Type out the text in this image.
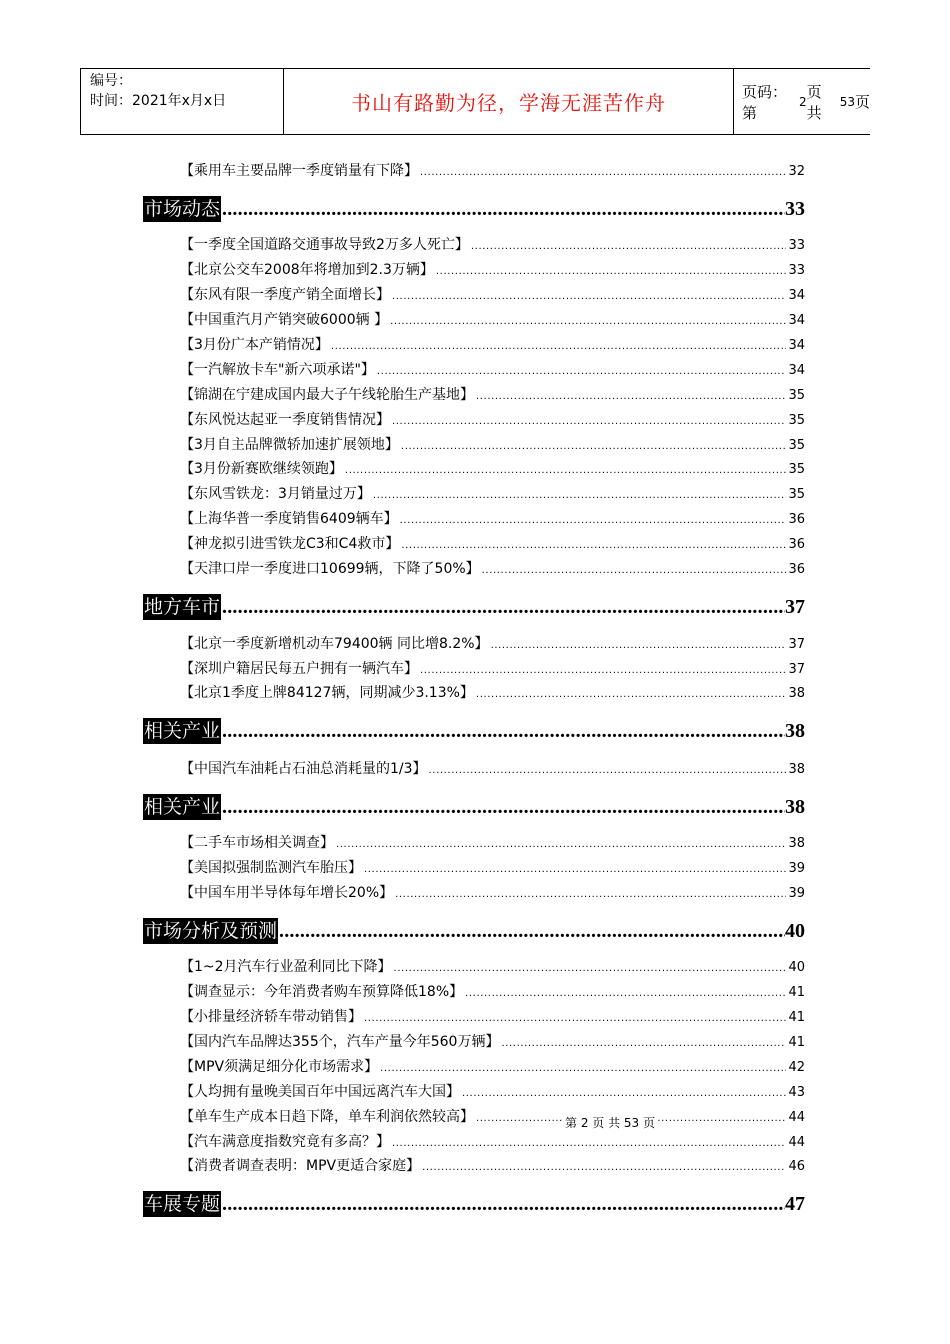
编号：
时间：2021年x月x日	书山有路勤为径，学海无涯苦作舟	页码：第
2
页 共
53 页
【乘用车主要品牌一季度销量有下降】 .....	32
市场动态 .....	33
【一季度全国道路交通事故导致2万多人死亡】 .....	33
【北京公交车2008年将增加到2.3万辆】 .....	33
【东风有限一季度产销全面增长】 .....	34
【中国重汽月产销突破6000辆 】 .....	34
【3月份广本产销情况】 .....	34
【一汽解放卡车"新六项承诺"】 .....	34
【锦湖在宁建成国内最大子午线轮胎生产基地】 .....	35
【东风悦达起亚一季度销售情况】 .....	35
【3月自主品牌微轿加速扩展领地】 .....	35
【3月份新赛欧继续领跑】 .....	35
【东风雪铁龙：3月销量过万】 .....	35
【上海华普一季度销售6409辆车】 .....	36
【神龙拟引进雪铁龙C3和C4救市】 .....	36
【天津口岸一季度进口10699辆，下降了50%】 .....	36
地方车市 .....	37
【北京一季度新增机动车79400辆 同比增8.2%】 .....	37
【深圳户籍居民每五户拥有一辆汽车】 .....	37
【北京1季度上牌84127辆，同期减少3.13%】 .....	38
相关产业 .....	38
【中国汽车油耗占石油总消耗量的1/3】 .....	38
相关产业 .....	38
【二手车市场相关调查】 .....	38
【美国拟强制监测汽车胎压】 .....	39
【中国车用半导体每年增长20%】 .....	39
市场分析及预测 .....	40
【1~2月汽车行业盈利同比下降】 .....	40
【调查显示：今年消费者购车预算降低18%】 .....	41
【小排量经济轿车带动销售】 .....	41
【国内汽车品牌达355个，汽车产量今年560万辆】 .....	41
【MPV须满足细分化市场需求】 .....	42
【人均拥有量晚美国百年中国远离汽车大国】 .....	43
【单车生产成本日趋下降，单车利润依然较高】 .....	44
【汽车满意度指数究竟有多高？】 .....	44
【消费者调查表明：MPV更适合家庭】 .....	46
车展专题 .....	47
第 2 页 共 53 页
